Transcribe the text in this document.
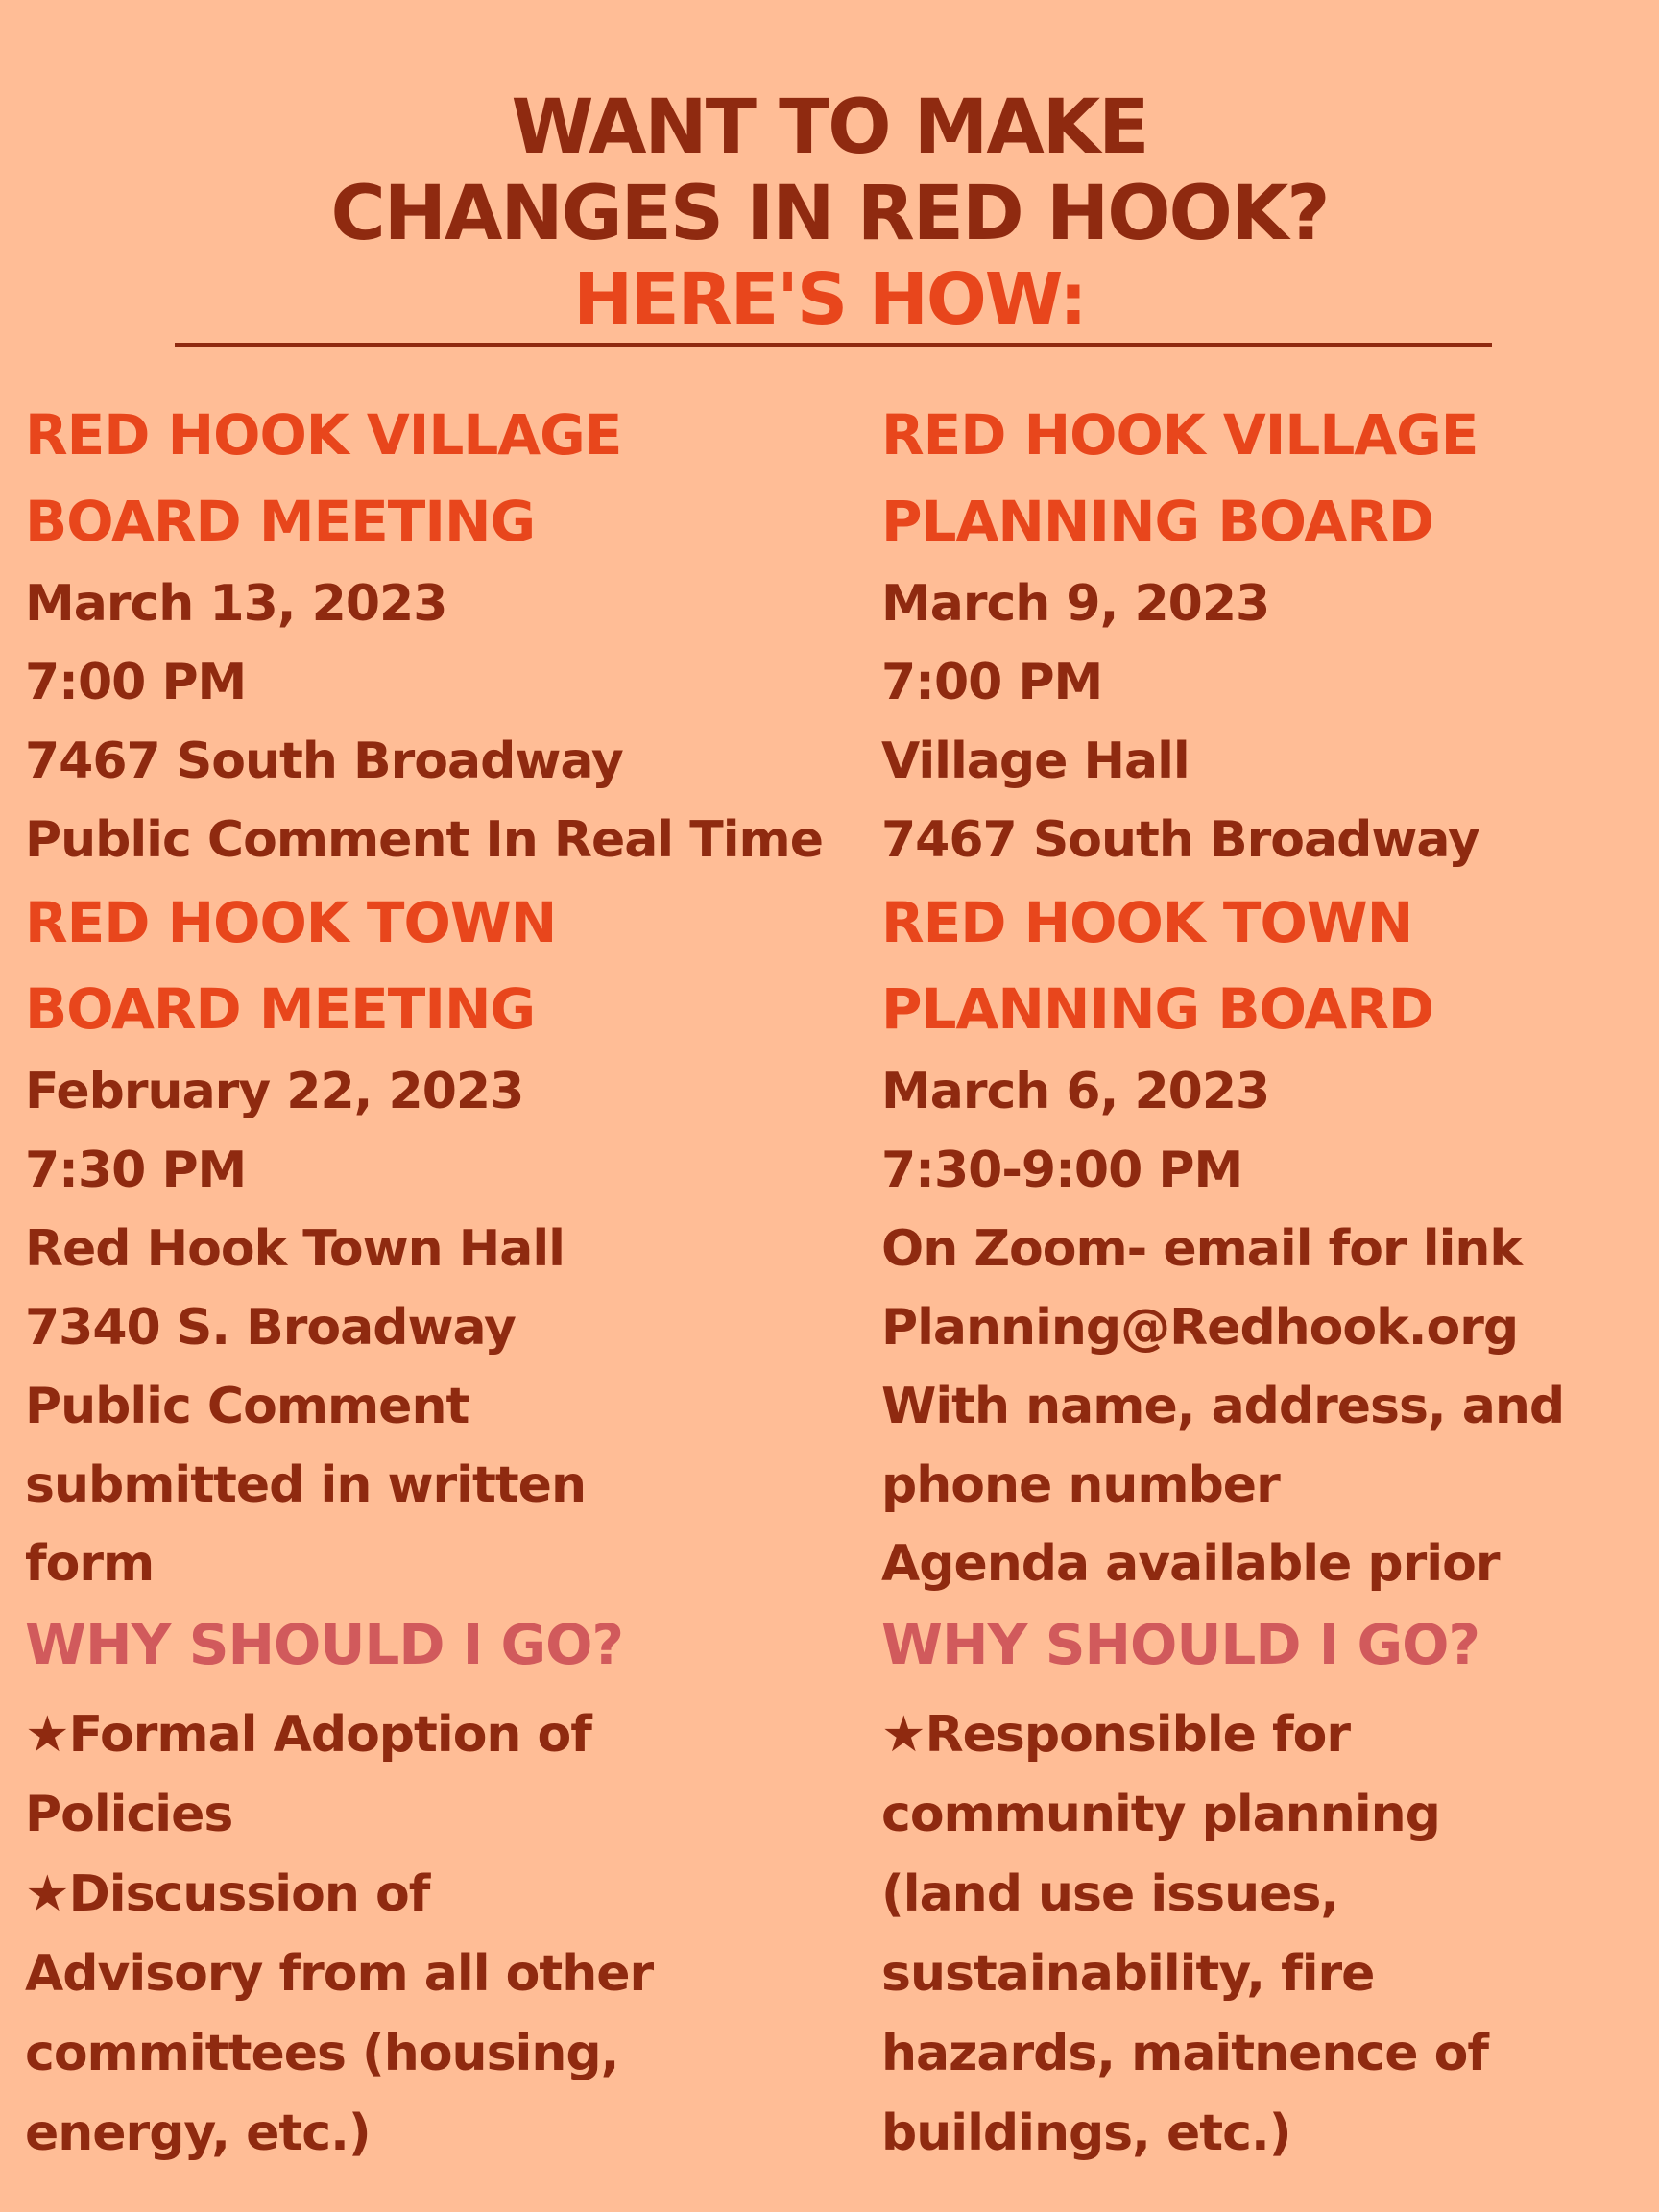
WANT TO MAKE
CHANGES IN RED HOOK?
HERE'S HOW:
RED HOOK VILLAGE
BOARD MEETING
March 13, 2023
7:00 PM
7467 South Broadway
Public Comment In Real Time
RED HOOK TOWN
BOARD MEETING
February 22, 2023
7:30 PM
Red Hook Town Hall
7340 S. Broadway
Public Comment
submitted in written
form
WHY SHOULD I GO?
★Formal Adoption of
Policies
★Discussion of
Advisory from all other
committees (housing,
energy, etc.)
RED HOOK VILLAGE
PLANNING BOARD
March 9, 2023
7:00 PM
Village Hall
7467 South Broadway
RED HOOK TOWN
PLANNING BOARD
March 6, 2023
7:30-9:00 PM
On Zoom- email for link
Planning@Redhook.org
With name, address, and
phone number
Agenda available prior
WHY SHOULD I GO?
★Responsible for
community planning
(land use issues,
sustainability, fire
hazards, maitnence of
buildings, etc.)
